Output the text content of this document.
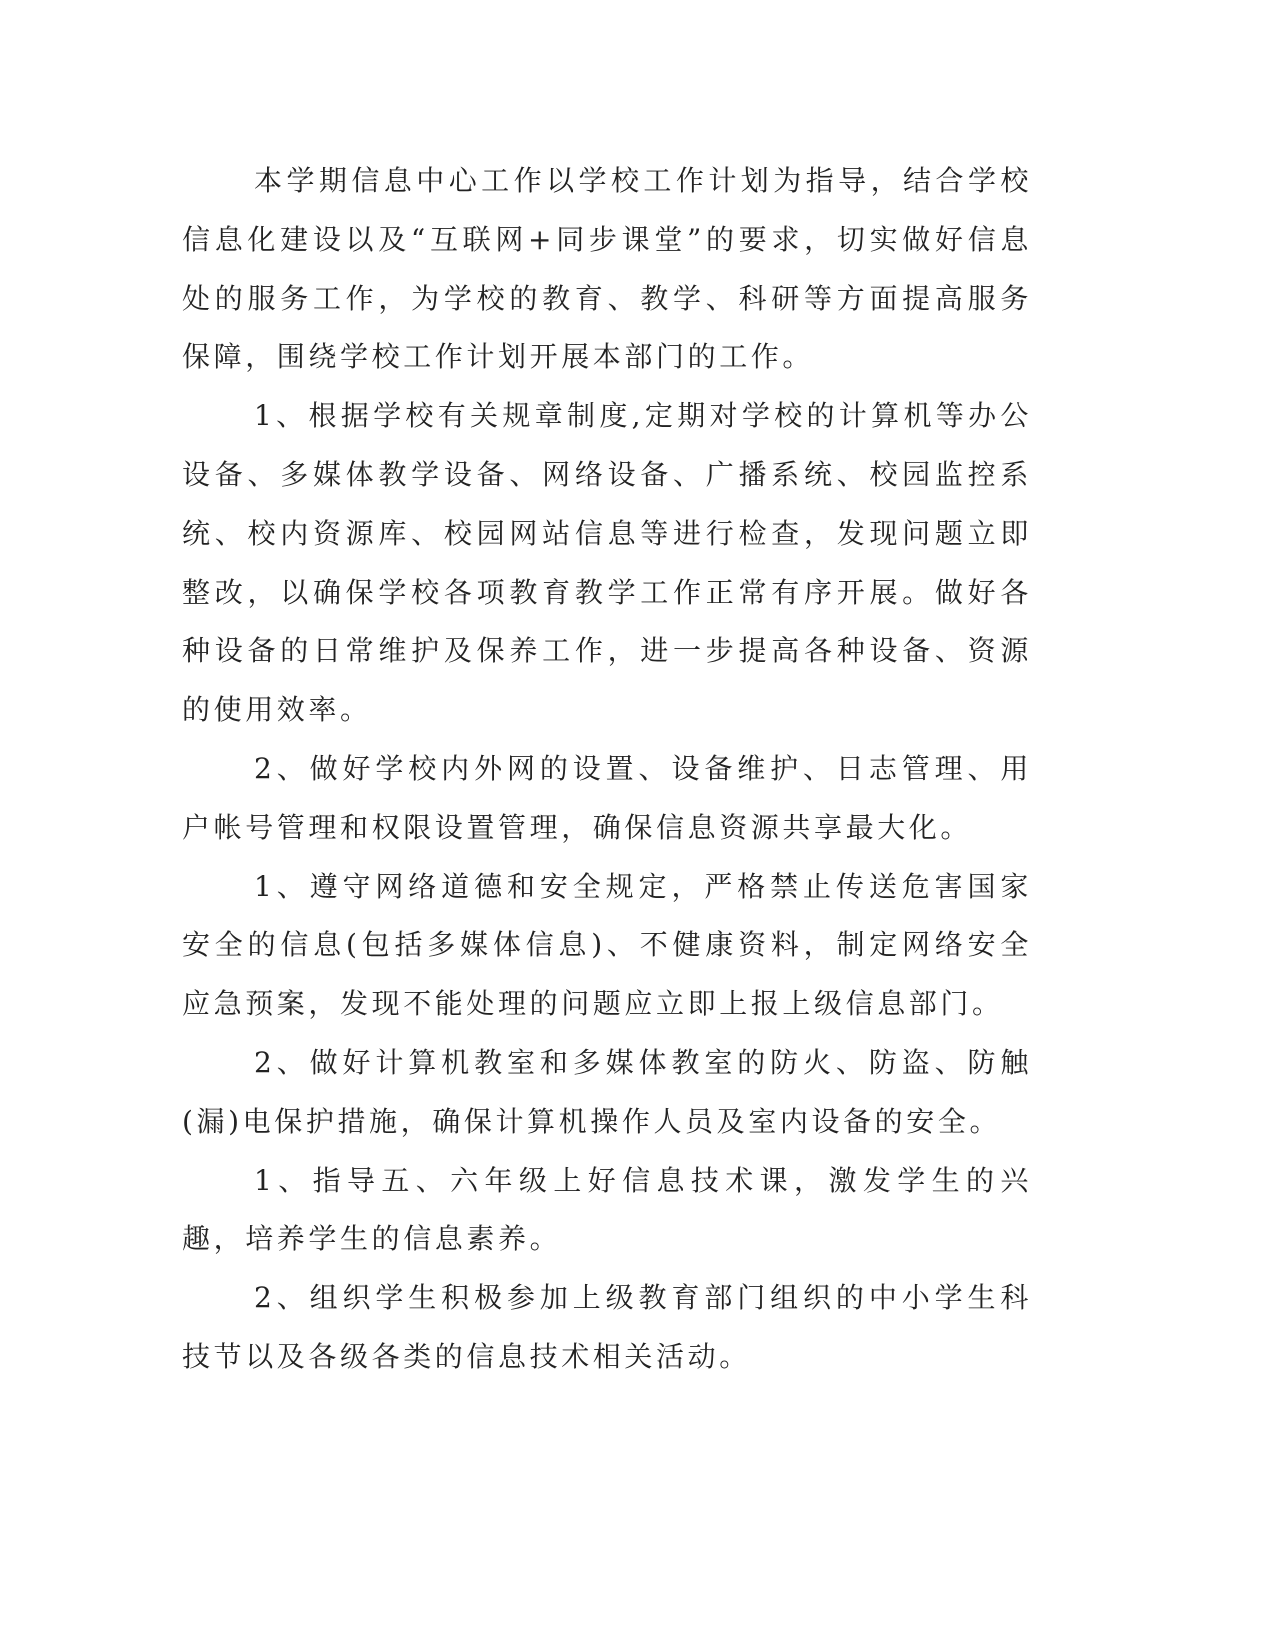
本学期信息中心工作以学校工作计划为指导，结合学校信息化建设以及“互联网+同步课堂”的要求，切实做好信息处的服务工作，为学校的教育、教学、科研等方面提高服务保障，围绕学校工作计划开展本部门的工作。

1、根据学校有关规章制度,定期对学校的计算机等办公设备、多媒体教学设备、网络设备、广播系统、校园监控系统、校内资源库、校园网站信息等进行检查，发现问题立即整改，以确保学校各项教育教学工作正常有序开展。做好各种设备的日常维护及保养工作，进一步提高各种设备、资源的使用效率。

2、做好学校内外网的设置、设备维护、日志管理、用户帐号管理和权限设置管理，确保信息资源共享最大化。

1、遵守网络道德和安全规定，严格禁止传送危害国家安全的信息(包括多媒体信息)、不健康资料，制定网络安全应急预案，发现不能处理的问题应立即上报上级信息部门。

2、做好计算机教室和多媒体教室的防火、防盗、防触(漏)电保护措施，确保计算机操作人员及室内设备的安全。

1、指导五、六年级上好信息技术课，激发学生的兴趣，培养学生的信息素养。

2、组织学生积极参加上级教育部门组织的中小学生科技节以及各级各类的信息技术相关活动。
